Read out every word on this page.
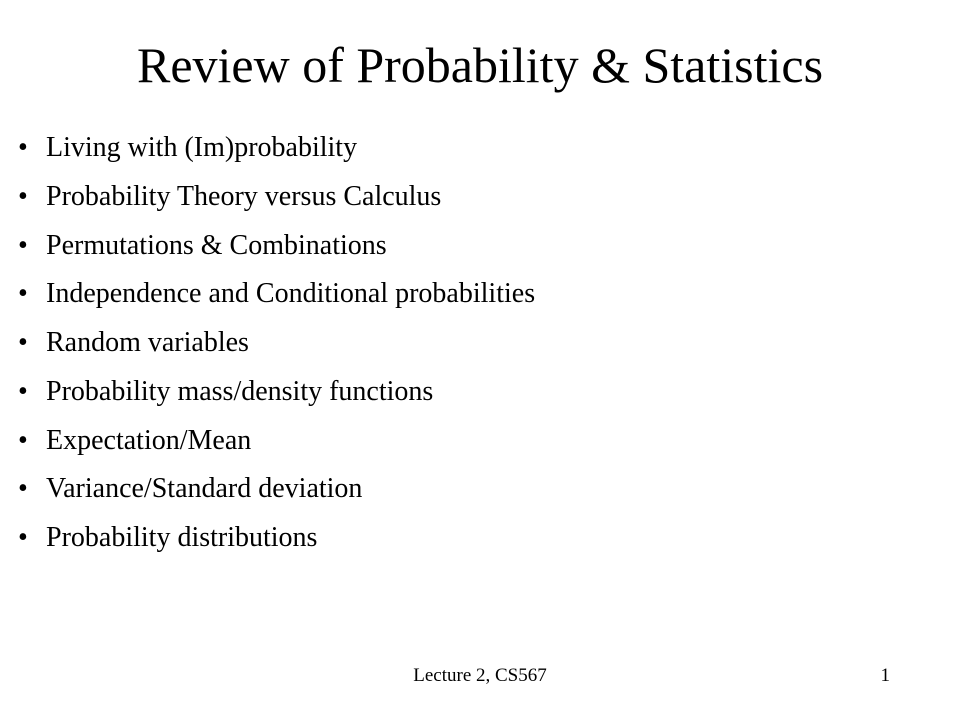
Review of Probability & Statistics
• Living with (Im)probability
• Probability Theory versus Calculus
• Permutations & Combinations
• Independence and Conditional probabilities
• Random variables
• Probability mass/density functions
• Expectation/Mean
• Variance/Standard deviation
• Probability distributions
Lecture 2, CS567	1
